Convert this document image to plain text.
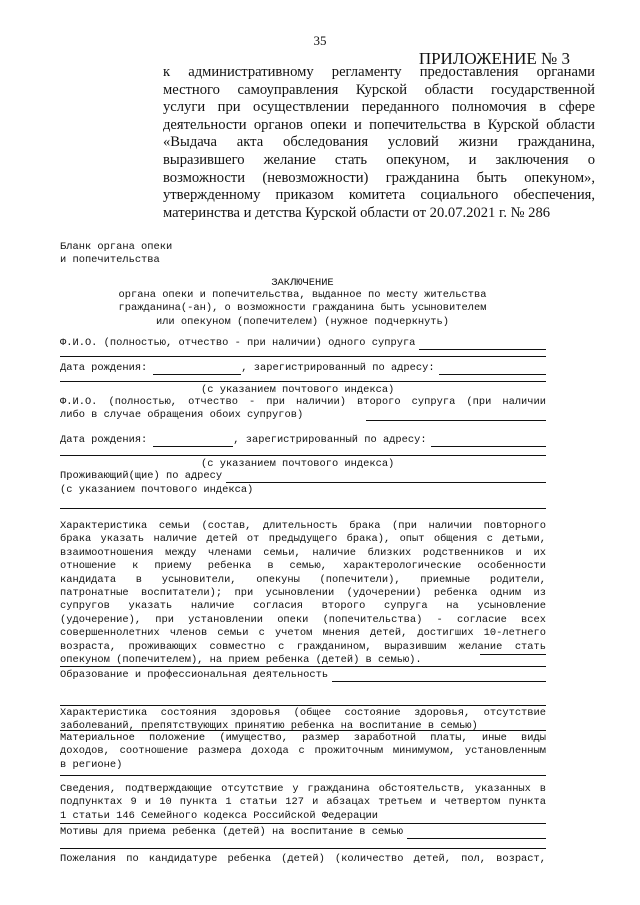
35
ПРИЛОЖЕНИЕ № 3
к административному регламенту предоставления органами
местного самоуправления Курской области государственной
услуги при осуществлении переданного полномочия в сфере
деятельности органов опеки и попечительства в Курской области
«Выдача акта обследования условий жизни гражданина,
выразившего желание стать опекуном, и заключения о
возможности (невозможности) гражданина быть опекуном»,
утвержденному приказом комитета социального обеспечения,
материнства и детства Курской области от 20.07.2021 г. № 286
Бланк органа опеки
и попечительства
ЗАКЛЮЧЕНИЕ
органа опеки и попечительства, выданное по месту жительства
гражданина(-ан), о возможности гражданина быть усыновителем
или опекуном (попечителем) (нужное подчеркнуть)
Ф.И.О. (полностью, отчество - при наличии) одного супруга
Дата рождения:	, зарегистрированный по адресу:
(с указанием почтового индекса)
Ф.И.О. (полностью, отчество - при наличии) второго супруга (при наличии
либо в случае обращения обоих супругов)
Дата рождения:	, зарегистрированный по адресу:
(с указанием почтового индекса)
Проживающий(щие) по адресу
(с указанием почтового индекса)
Характеристика семьи (состав, длительность брака (при наличии повторного
брака указать наличие детей от предыдущего брака), опыт общения с детьми,
взаимоотношения между членами семьи, наличие близких родственников и их
отношение к приему ребенка в семью, характерологические особенности
кандидата в усыновители, опекуны (попечители), приемные родители,
патронатные воспитатели); при усыновлении (удочерении) ребенка одним из
супругов указать наличие согласия второго супруга на усыновление
(удочерение), при установлении опеки (попечительства) - согласие всех
совершеннолетних членов семьи с учетом мнения детей, достигших 10-летнего
возраста, проживающих совместно с гражданином, выразившим желание стать
опекуном (попечителем), на прием ребенка (детей) в семью).
Образование и профессиональная деятельность
Характеристика состояния здоровья (общее состояние здоровья, отсутствие
заболеваний, препятствующих принятию ребенка на воспитание в семью)
Материальное положение (имущество, размер заработной платы, иные виды
доходов, соотношение размера дохода с прожиточным минимумом, установленным
в регионе)
Сведения, подтверждающие отсутствие у гражданина обстоятельств, указанных в
подпунктах 9 и 10 пункта 1 статьи 127 и абзацах третьем и четвертом пункта
1 статьи 146 Семейного кодекса Российской Федерации
Мотивы для приема ребенка (детей) на воспитание в семью
Пожелания по кандидатуре ребенка (детей) (количество детей, пол, возраст,
